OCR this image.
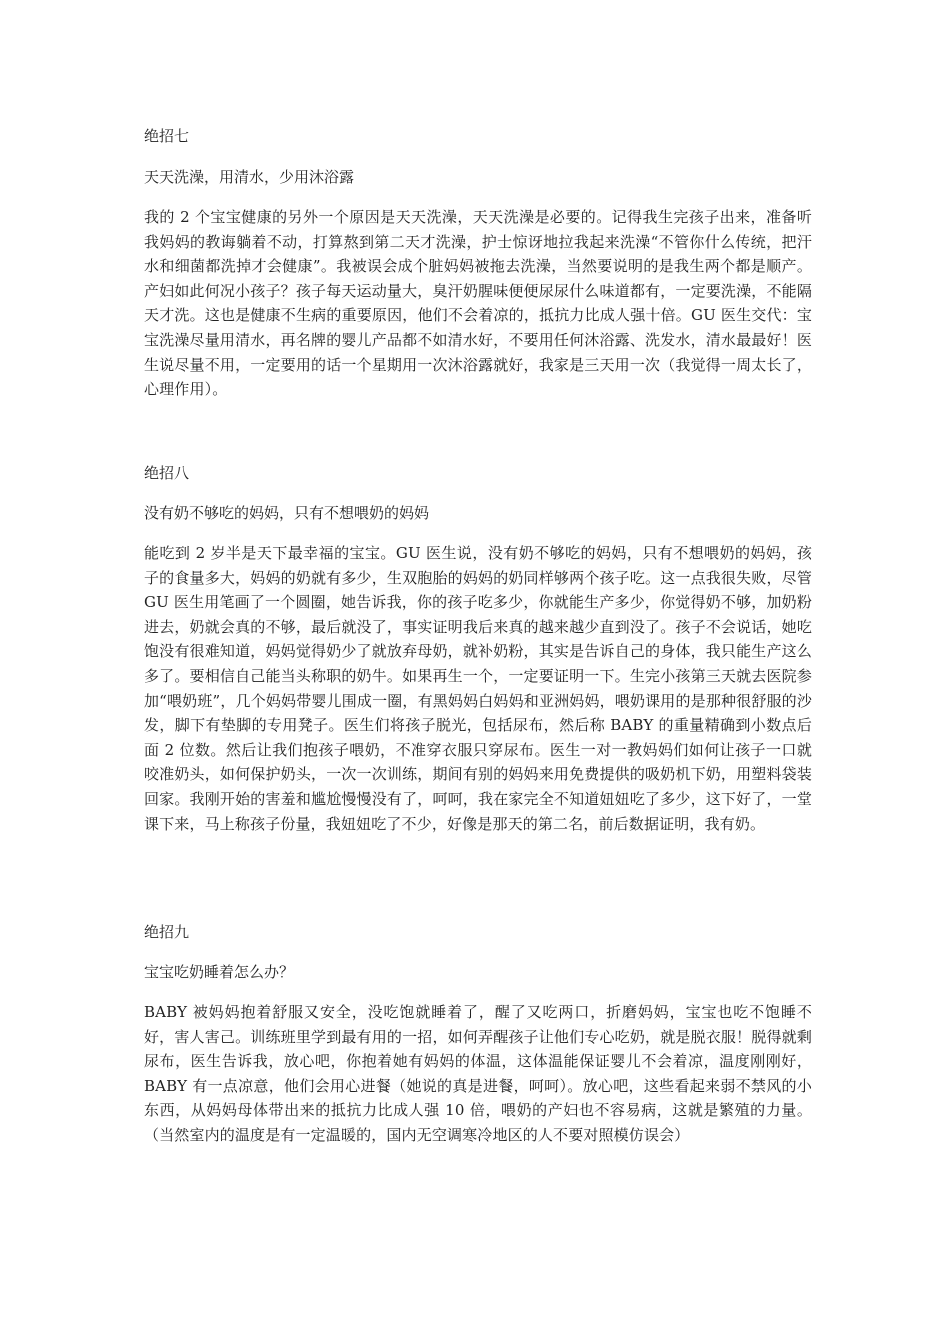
绝招七

天天洗澡，用清水，少用沐浴露

我的 2 个宝宝健康的另外一个原因是天天洗澡，天天洗澡是必要的。记得我生完孩子出来，准备听我妈妈的教诲躺着不动，打算熬到第二天才洗澡，护士惊讶地拉我起来洗澡“不管你什么传统，把汗水和细菌都洗掉才会健康”。我被误会成个脏妈妈被拖去洗澡，当然要说明的是我生两个都是顺产。产妇如此何况小孩子？孩子每天运动量大，臭汗奶腥味便便尿尿什么味道都有，一定要洗澡，不能隔天才洗。这也是健康不生病的重要原因，他们不会着凉的，抵抗力比成人强十倍。GU 医生交代：宝宝洗澡尽量用清水，再名牌的婴儿产品都不如清水好，不要用任何沐浴露、洗发水，清水最最好！医生说尽量不用，一定要用的话一个星期用一次沐浴露就好，我家是三天用一次（我觉得一周太长了，心理作用）。

绝招八

没有奶不够吃的妈妈，只有不想喂奶的妈妈

能吃到 2 岁半是天下最幸福的宝宝。GU 医生说，没有奶不够吃的妈妈，只有不想喂奶的妈妈，孩子的食量多大，妈妈的奶就有多少，生双胞胎的妈妈的奶同样够两个孩子吃。这一点我很失败，尽管 GU 医生用笔画了一个圆圈，她告诉我，你的孩子吃多少，你就能生产多少，你觉得奶不够，加奶粉进去，奶就会真的不够，最后就没了，事实证明我后来真的越来越少直到没了。孩子不会说话，她吃饱没有很难知道，妈妈觉得奶少了就放弃母奶，就补奶粉，其实是告诉自己的身体，我只能生产这么多了。要相信自己能当头称职的奶牛。如果再生一个，一定要证明一下。生完小孩第三天就去医院参加“喂奶班”，几个妈妈带婴儿围成一圈，有黑妈妈白妈妈和亚洲妈妈，喂奶课用的是那种很舒服的沙发，脚下有垫脚的专用凳子。医生们将孩子脱光，包括尿布，然后称 BABY 的重量精确到小数点后面 2 位数。然后让我们抱孩子喂奶，不准穿衣服只穿尿布。医生一对一教妈妈们如何让孩子一口就咬准奶头，如何保护奶头，一次一次训练，期间有别的妈妈来用免费提供的吸奶机下奶，用塑料袋装回家。我刚开始的害羞和尴尬慢慢没有了，呵呵，我在家完全不知道妞妞吃了多少，这下好了，一堂课下来，马上称孩子份量，我妞妞吃了不少，好像是那天的第二名，前后数据证明，我有奶。

绝招九

宝宝吃奶睡着怎么办？

BABY 被妈妈抱着舒服又安全，没吃饱就睡着了，醒了又吃两口，折磨妈妈，宝宝也吃不饱睡不好，害人害己。训练班里学到最有用的一招，如何弄醒孩子让他们专心吃奶，就是脱衣服！脱得就剩尿布，医生告诉我，放心吧，你抱着她有妈妈的体温，这体温能保证婴儿不会着凉，温度刚刚好，BABY 有一点凉意，他们会用心进餐（她说的真是进餐，呵呵）。放心吧，这些看起来弱不禁风的小东西，从妈妈母体带出来的抵抗力比成人强 10 倍，喂奶的产妇也不容易病，这就是繁殖的力量。（当然室内的温度是有一定温暖的，国内无空调寒冷地区的人不要对照模仿误会）
